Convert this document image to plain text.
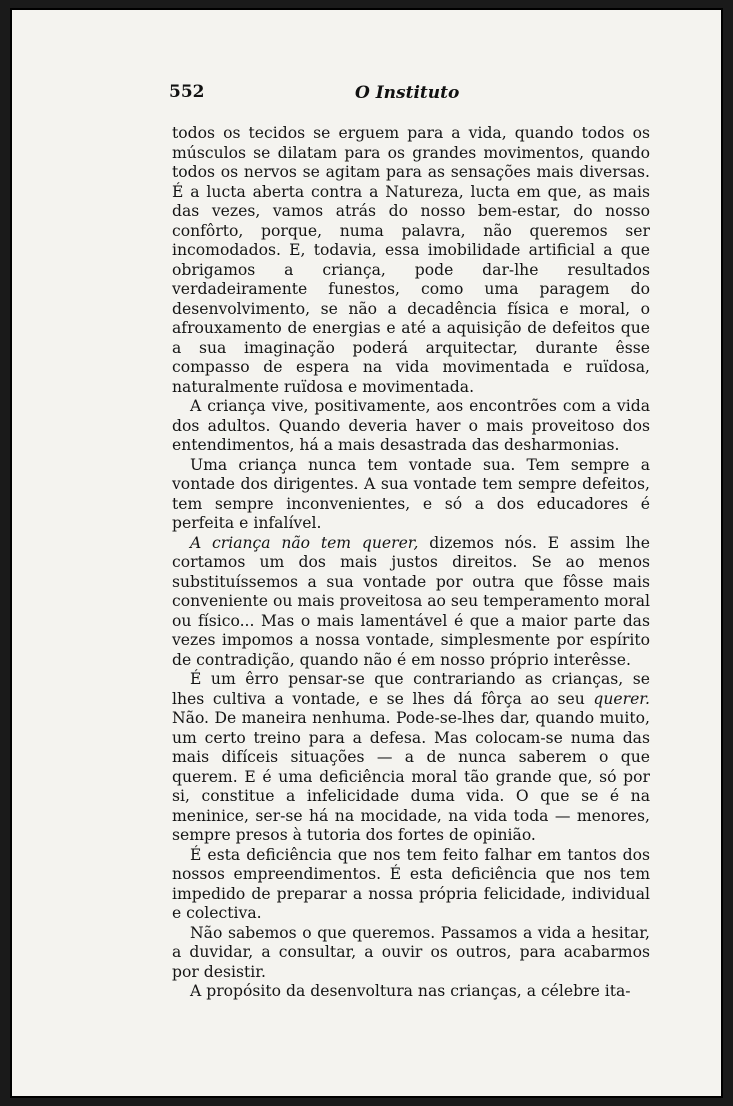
552	O Instituto

todos os tecidos se erguem para a vida, quando todos os músculos se dilatam para os grandes movimentos, quando todos os nervos se agitam para as sensações mais diversas. É a lucta aberta contra a Natureza, lucta em que, as mais das vezes, vamos atrás do nosso bem-estar, do nosso confôrto, porque, numa palavra, não queremos ser incomodados. E, todavia, essa imobilidade artificial a que obrigamos a criança, pode dar-lhe resultados verdadeiramente funestos, como uma paragem do desenvolvimento, se não a decadência física e moral, o afrouxamento de energias e até a aquisição de defeitos que a sua imaginação poderá arquitectar, durante êsse compasso de espera na vida movimentada e ruïdosa, naturalmente ruïdosa e movimentada.

A criança vive, positivamente, aos encontrões com a vida dos adultos. Quando deveria haver o mais proveitoso dos entendimentos, há a mais desastrada das desharmonias.

Uma criança nunca tem vontade sua. Tem sempre a vontade dos dirigentes. A sua vontade tem sempre defeitos, tem sempre inconvenientes, e só a dos educadores é perfeita e infalível.

A criança não tem querer, dizemos nós. E assim lhe cortamos um dos mais justos direitos. Se ao menos substituíssemos a sua vontade por outra que fôsse mais conveniente ou mais proveitosa ao seu temperamento moral ou físico... Mas o mais lamentável é que a maior parte das vezes impomos a nossa vontade, simplesmente por espírito de contradição, quando não é em nosso próprio interêsse.

É um êrro pensar-se que contrariando as crianças, se lhes cultiva a vontade, e se lhes dá fôrça ao seu querer. Não. De maneira nenhuma. Pode-se-lhes dar, quando muito, um certo treino para a defesa. Mas colocam-se numa das mais difíceis situações — a de nunca saberem o que querem. E é uma deficiência moral tão grande que, só por si, constitue a infelicidade duma vida. O que se é na meninice, ser-se há na mocidade, na vida toda — menores, sempre presos à tutoria dos fortes de opinião.

É esta deficiência que nos tem feito falhar em tantos dos nossos empreendimentos. É esta deficiência que nos tem impedido de preparar a nossa própria felicidade, individual e colectiva.

Não sabemos o que queremos. Passamos a vida a hesitar, a duvidar, a consultar, a ouvir os outros, para acabarmos por desistir.

A propósito da desenvoltura nas crianças, a célebre ita-
